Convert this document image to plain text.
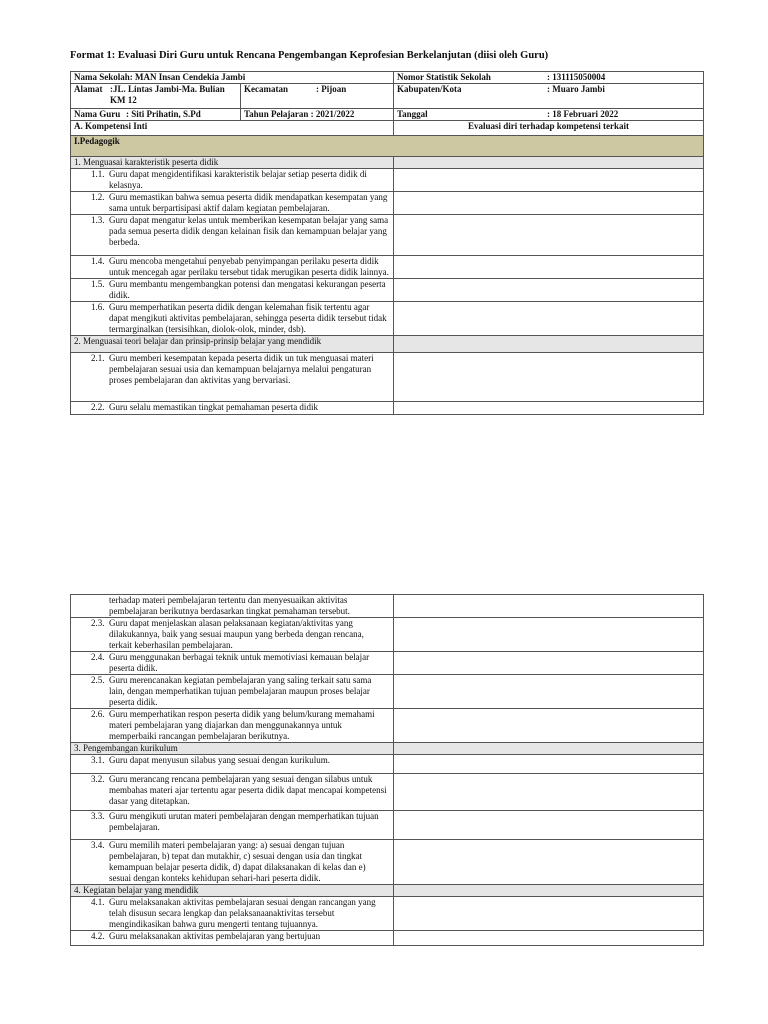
Format 1: Evaluasi Diri Guru untuk Rencana Pengembangan Keprofesian Berkelanjutan (diisi oleh Guru)
Nama Sekolah: MAN Insan Cendekia Jambi		Nomor Statistik Sekolah : 131115050004
Alamat :JL. Lintas Jambi-Ma. Bulian KM 12	Kecamatan : Pijoan	Kabupaten/Kota : Muaro Jambi
Nama Guru : Siti Prihatin, S.Pd	Tahun Pelajaran : 2021/2022	Tanggal : 18 Februari 2022
A. Kompetensi Inti		Evaluasi diri terhadap kompetensi terkait
I.Pedagogik		
1. Menguasai karakteristik peserta didik		
1.1. Guru dapat mengidentifikasi karakteristik belajar setiap peserta didik di kelasnya.		
1.2. Guru memastikan bahwa semua peserta didik mendapatkan kesempatan yang sama untuk berpartisipasi aktif dalam kegiatan pembelajaran.		
1.3. Guru dapat mengatur kelas untuk memberikan kesempatan belajar yang sama pada semua peserta didik dengan kelainan fisik dan kemampuan belajar yang berbeda.		
1.4. Guru mencoba mengetahui penyebab penyimpangan perilaku peserta didik untuk mencegah agar perilaku tersebut tidak merugikan peserta didik lainnya.		
1.5. Guru membantu mengembangkan potensi dan mengatasi kekurangan peserta didik.		
1.6. Guru memperhatikan peserta didik dengan kelemahan fisik tertentu agar dapat mengikuti aktivitas pembelajaran, sehingga peserta didik tersebut tidak termarginalkan (tersisihkan, diolok-olok, minder, dsb).		
2. Menguasai teori belajar dan prinsip-prinsip belajar yang mendidik		
2.1. Guru memberi kesempatan kepada peserta didik un tuk menguasai materi pembelajaran sesuai usia dan kemampuan belajarnya melalui pengaturan proses pembelajaran dan aktivitas yang bervariasi.		
2.2. Guru selalu memastikan tingkat pemahaman peserta didik		
terhadap materi pembelajaran tertentu dan menyesuaikan aktivitas pembelajaran berikutnya berdasarkan tingkat pemahaman tersebut.	
2.3. Guru dapat menjelaskan alasan pelaksanaan kegiatan/aktivitas yang dilakukannya, baik yang sesuai maupun yang berbeda dengan rencana, terkait keberhasilan pembelajaran.	
2.4. Guru menggunakan berbagai teknik untuk memotiviasi kemauan belajar peserta didik.	
2.5. Guru merencanakan kegiatan pembelajaran yang saling terkait satu sama lain, dengan memperhatikan tujuan pembelajaran maupun proses belajar peserta didik.	
2.6. Guru memperhatikan respon peserta didik yang belum/kurang memahami materi pembelajaran yang diajarkan dan menggunakannya untuk memperbaiki rancangan pembelajaran berikutnya.	
3. Pengembangan kurikulum	
3.1. Guru dapat menyusun silabus yang sesuai dengan kurikulum.	
3.2. Guru merancang rencana pembelajaran yang sesuai dengan silabus untuk membahas materi ajar tertentu agar peserta didik dapat mencapai kompetensi dasar yang ditetapkan.	
3.3. Guru mengikuti urutan materi pembelajaran dengan memperhatikan tujuan pembelajaran.	
3.4. Guru memilih materi pembelajaran yang: a) sesuai dengan tujuan pembelajaran, b) tepat dan mutakhir, c) sesuai dengan usia dan tingkat kemampuan belajar peserta didik, d) dapat dilaksanakan di kelas dan e) sesuai dengan konteks kehidupan sehari-hari peserta didik.	
4. Kegiatan belajar yang mendidik	
4.1. Guru melaksanakan aktivitas pembelajaran sesuai dengan rancangan yang telah disusun secara lengkap dan pelaksanaanaktivitas tersebut mengindikasikan bahwa guru mengerti tentang tujuannya.	
4.2. Guru melaksanakan aktivitas pembelajaran yang bertujuan	
